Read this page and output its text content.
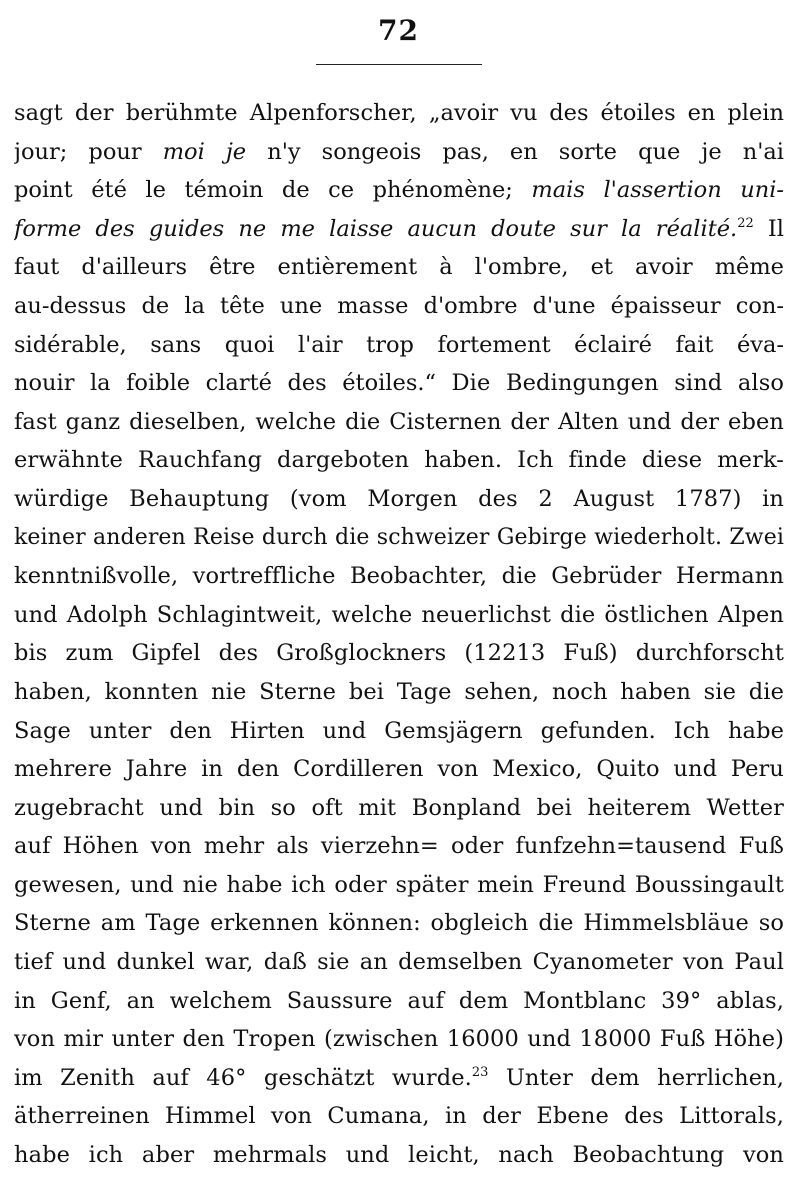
72
sagt der berühmte Alpenforscher, „avoir vu des étoiles en plein
jour; pour moi je n'y songeois pas, en sorte que je n'ai
point été le témoin de ce phénomène; mais l'assertion uni-
forme des guides ne me laisse aucun doute sur la réalité.$^{22}$ Il
faut d'ailleurs être entièrement à l'ombre, et avoir même
au-dessus de la tête une masse d'ombre d'une épaisseur con-
sidérable, sans quoi l'air trop fortement éclairé fait éva-
nouir la foible clarté des étoiles.“ Die Bedingungen sind also
fast ganz dieselben, welche die Cisternen der Alten und der eben
erwähnte Rauchfang dargeboten haben. Ich finde diese merk-
würdige Behauptung (vom Morgen des 2 August 1787) in
keiner anderen Reise durch die schweizer Gebirge wiederholt. Zwei
kenntnißvolle, vortreffliche Beobachter, die Gebrüder Hermann
und Adolph Schlagintweit, welche neuerlichst die östlichen Alpen
bis zum Gipfel des Großglockners (12213 Fuß) durchforscht
haben, konnten nie Sterne bei Tage sehen, noch haben sie die
Sage unter den Hirten und Gemsjägern gefunden. Ich habe
mehrere Jahre in den Cordilleren von Mexico, Quito und Peru
zugebracht und bin so oft mit Bonpland bei heiterem Wetter
auf Höhen von mehr als vierzehn= oder funfzehn=tausend Fuß
gewesen, und nie habe ich oder später mein Freund Boussingault
Sterne am Tage erkennen können: obgleich die Himmelsbläue so
tief und dunkel war, daß sie an demselben Cyanometer von Paul
in Genf, an welchem Saussure auf dem Montblanc 39° ablas,
von mir unter den Tropen (zwischen 16000 und 18000 Fuß Höhe)
im Zenith auf 46° geschätzt wurde.$^{23}$ Unter dem herrlichen,
ätherreinen Himmel von Cumana, in der Ebene des Littorals,
habe ich aber mehrmals und leicht, nach Beobachtung von
